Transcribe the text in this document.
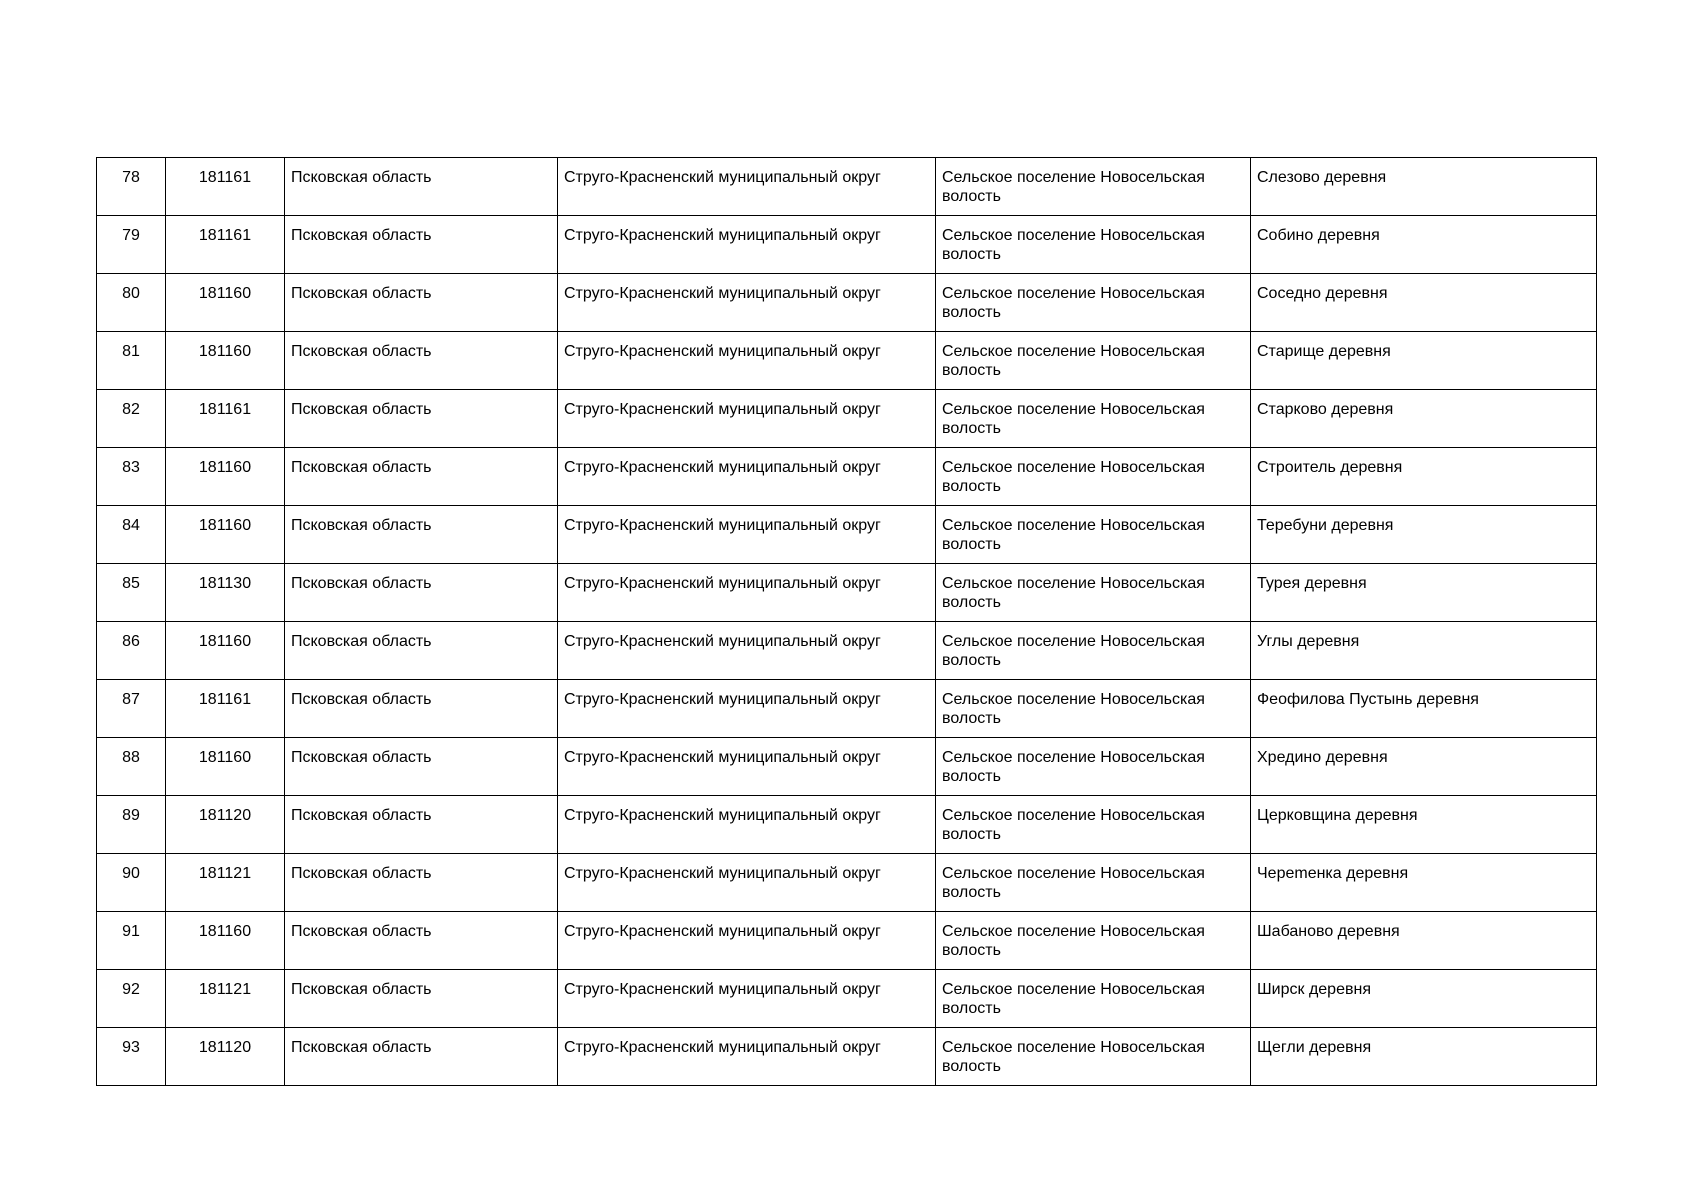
78	181161	Псковская область	Струго-Красненский муниципальный округ	Сельское поселение Новосельская волость	Слезово деревня
79	181161	Псковская область	Струго-Красненский муниципальный округ	Сельское поселение Новосельская волость	Собино деревня
80	181160	Псковская область	Струго-Красненский муниципальный округ	Сельское поселение Новосельская волость	Соседно деревня
81	181160	Псковская область	Струго-Красненский муниципальный округ	Сельское поселение Новосельская волость	Старище деревня
82	181161	Псковская область	Струго-Красненский муниципальный округ	Сельское поселение Новосельская волость	Старково деревня
83	181160	Псковская область	Струго-Красненский муниципальный округ	Сельское поселение Новосельская волость	Строитель деревня
84	181160	Псковская область	Струго-Красненский муниципальный округ	Сельское поселение Новосельская волость	Теребуни деревня
85	181130	Псковская область	Струго-Красненский муниципальный округ	Сельское поселение Новосельская волость	Турея деревня
86	181160	Псковская область	Струго-Красненский муниципальный округ	Сельское поселение Новосельская волость	Углы деревня
87	181161	Псковская область	Струго-Красненский муниципальный округ	Сельское поселение Новосельская волость	Феофилова Пустынь деревня
88	181160	Псковская область	Струго-Красненский муниципальный округ	Сельское поселение Новосельская волость	Хредино деревня
89	181120	Псковская область	Струго-Красненский муниципальный округ	Сельское поселение Новосельская волость	Церковщина деревня
90	181121	Псковская область	Струго-Красненский муниципальный округ	Сельское поселение Новосельская волость	Черemенка деревня
91	181160	Псковская область	Струго-Красненский муниципальный округ	Сельское поселение Новосельская волость	Шабаново деревня
92	181121	Псковская область	Струго-Красненский муниципальный округ	Сельское поселение Новосельская волость	Ширск деревня
93	181120	Псковская область	Струго-Красненский муниципальный округ	Сельское поселение Новосельская волость	Щегли деревня
